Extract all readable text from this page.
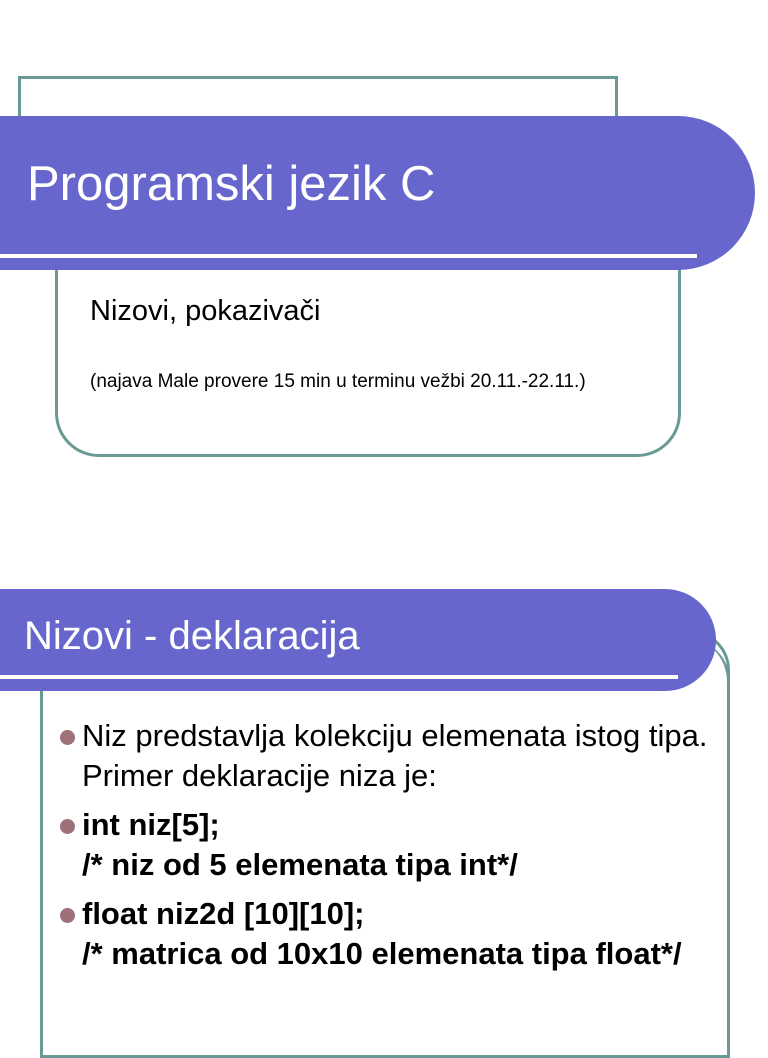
Programski jezik C

Nizovi, pokazivači

(najava Male provere 15 min u terminu vežbi 20.11.-22.11.)

Nizovi - deklaracija
Niz predstavlja kolekciju elemenata istog tipa. Primer deklaracije niza je:
int niz[5];
/* niz od 5 elemenata tipa int*/
float niz2d [10][10];
/* matrica od 10x10 elemenata tipa float*/
